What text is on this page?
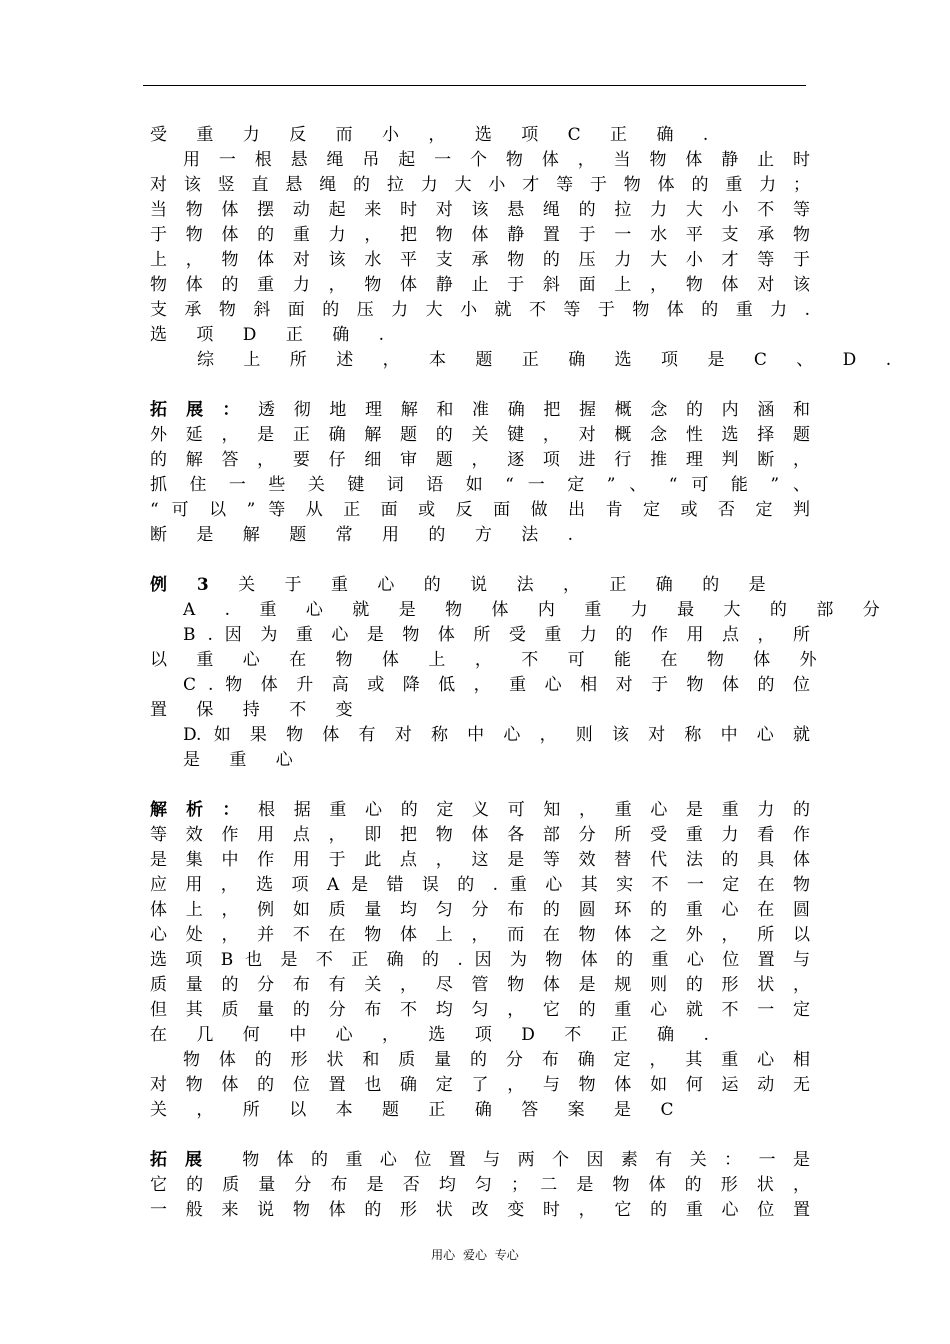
受 重 力 反 而 小 ， 选 项 C 正 确 .
用 一 根 悬 绳 吊 起 一 个 物 体 ， 当 物 体 静 止 时
对 该 竖 直 悬 绳 的 拉 力 大 小 才 等 于 物 体 的 重 力 ；
当 物 体 摆 动 起 来 时 对 该 悬 绳 的 拉 力 大 小 不 等
于 物 体 的 重 力 ， 把 物 体 静 置 于 一 水 平 支 承 物
上 ， 物 体 对 该 水 平 支 承 物 的 压 力 大 小 才 等 于
物 体 的 重 力 ， 物 体 静 止 于 斜 面 上 ， 物 体 对 该
支 承 物 斜 面 的 压 力 大 小 就 不 等 于 物 体 的 重 力 .
选 项 D 正 确 .
综 上 所 述 ， 本 题 正 确 选 项 是 C 、 D .
拓 展 ： 透 彻 地 理 解 和 准 确 把 握 概 念 的 内 涵 和
外 延 ， 是 正 确 解 题 的 关 键 ， 对 概 念 性 选 择 题
的 解 答 ， 要 仔 细 审 题 ， 逐 项 进 行 推 理 判 断 ，
抓 住 一 些 关 键 词 语 如 “ 一 定 ” 、 “ 可 能 ” 、
“ 可 以 ” 等 从 正 面 或 反 面 做 出 肯 定 或 否 定 判
断 是 解 题 常 用 的 方 法 .
例 3 关 于 重 心 的 说 法 ， 正 确 的 是
A . 重 心 就 是 物 体 内 重 力 最 大 的 部 分
B . 因 为 重 心 是 物 体 所 受 重 力 的 作 用 点 ， 所
以 重 心 在 物 体 上 ， 不 可 能 在 物 体 外
C . 物 体 升 高 或 降 低 ， 重 心 相 对 于 物 体 的 位
置 保 持 不 变
D. 如 果 物 体 有 对 称 中 心 ， 则 该 对 称 中 心 就
是 重 心
解 析 ： 根 据 重 心 的 定 义 可 知 ， 重 心 是 重 力 的
等 效 作 用 点 ， 即 把 物 体 各 部 分 所 受 重 力 看 作
是 集 中 作 用 于 此 点 ， 这 是 等 效 替 代 法 的 具 体
应 用 ， 选 项 A 是 错 误 的 . 重 心 其 实 不 一 定 在 物
体 上 ， 例 如 质 量 均 匀 分 布 的 圆 环 的 重 心 在 圆
心 处 ， 并 不 在 物 体 上 ， 而 在 物 体 之 外 ， 所 以
选 项 B 也 是 不 正 确 的 . 因 为 物 体 的 重 心 位 置 与
质 量 的 分 布 有 关 ， 尽 管 物 体 是 规 则 的 形 状 ，
但 其 质 量 的 分 布 不 均 匀 ， 它 的 重 心 就 不 一 定
在 几 何 中 心 ， 选 项 D 不 正 确 .
物 体 的 形 状 和 质 量 的 分 布 确 定 ， 其 重 心 相
对 物 体 的 位 置 也 确 定 了 ， 与 物 体 如 何 运 动 无
关 ， 所 以 本 题 正 确 答 案 是 C
拓 展 物 体 的 重 心 位 置 与 两 个 因 素 有 关 ： 一 是
它 的 质 量 分 布 是 否 均 匀 ； 二 是 物 体 的 形 状 ，
一 般 来 说 物 体 的 形 状 改 变 时 ， 它 的 重 心 位 置
用心 爱心 专心
